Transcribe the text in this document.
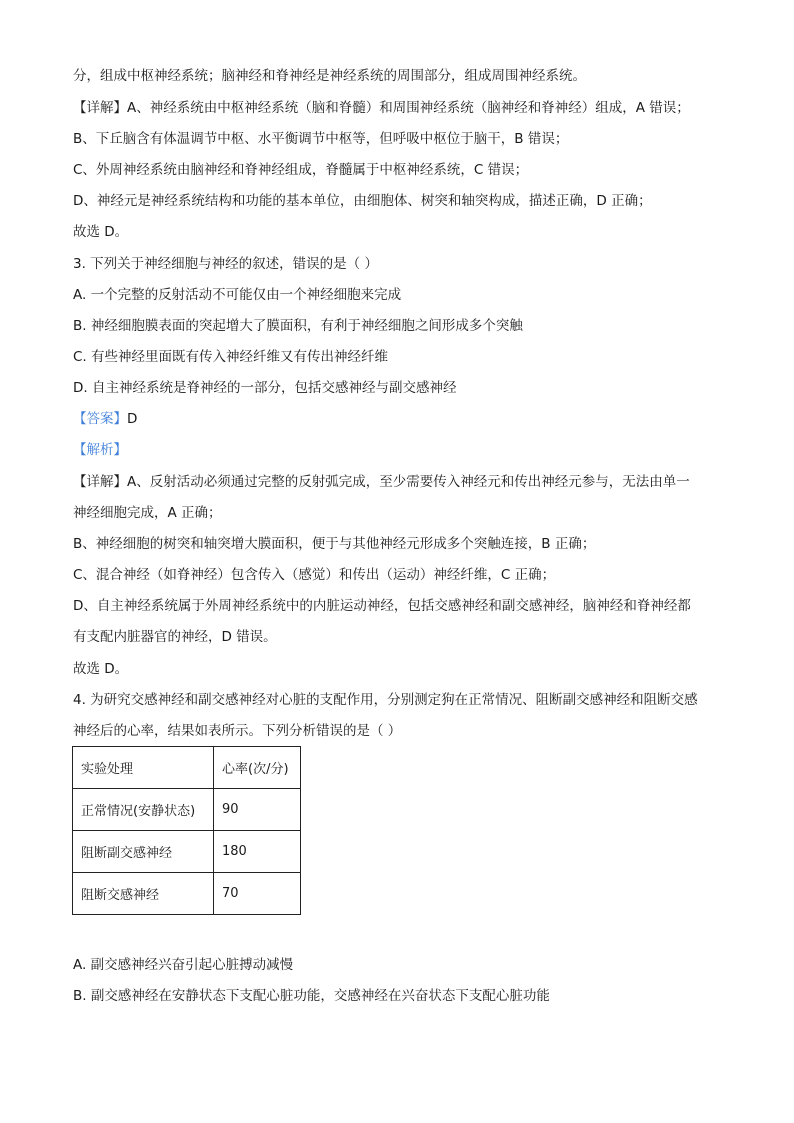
分，组成中枢神经系统；脑神经和脊神经是神经系统的周围部分，组成周围神经系统。
【详解】A、神经系统由中枢神经系统（脑和脊髓）和周围神经系统（脑神经和脊神经）组成，A 错误；
B、下丘脑含有体温调节中枢、水平衡调节中枢等，但呼吸中枢位于脑干，B 错误；
C、外周神经系统由脑神经和脊神经组成，脊髓属于中枢神经系统，C 错误；
D、神经元是神经系统结构和功能的基本单位，由细胞体、树突和轴突构成，描述正确，D 正确；
故选 D。
3. 下列关于神经细胞与神经的叙述，错误的是（ ）
A. 一个完整的反射活动不可能仅由一个神经细胞来完成
B. 神经细胞膜表面的突起增大了膜面积，有利于神经细胞之间形成多个突触
C. 有些神经里面既有传入神经纤维又有传出神经纤维
D. 自主神经系统是脊神经的一部分，包括交感神经与副交感神经
【答案】D
【解析】
【详解】A、反射活动必须通过完整的反射弧完成，至少需要传入神经元和传出神经元参与，无法由单一
神经细胞完成，A 正确；
B、神经细胞的树突和轴突增大膜面积，便于与其他神经元形成多个突触连接，B 正确；
C、混合神经（如脊神经）包含传入（感觉）和传出（运动）神经纤维，C 正确；
D、自主神经系统属于外周神经系统中的内脏运动神经，包括交感神经和副交感神经，脑神经和脊神经都
有支配内脏器官的神经，D 错误。
故选 D。
4. 为研究交感神经和副交感神经对心脏的支配作用，分别测定狗在正常情况、阻断副交感神经和阻断交感
神经后的心率，结果如表所示。下列分析错误的是（ ）
实验处理	心率(次/分)
正常情况(安静状态)	90
阻断副交感神经	180
阻断交感神经	70
A. 副交感神经兴奋引起心脏搏动减慢
B. 副交感神经在安静状态下支配心脏功能，交感神经在兴奋状态下支配心脏功能
